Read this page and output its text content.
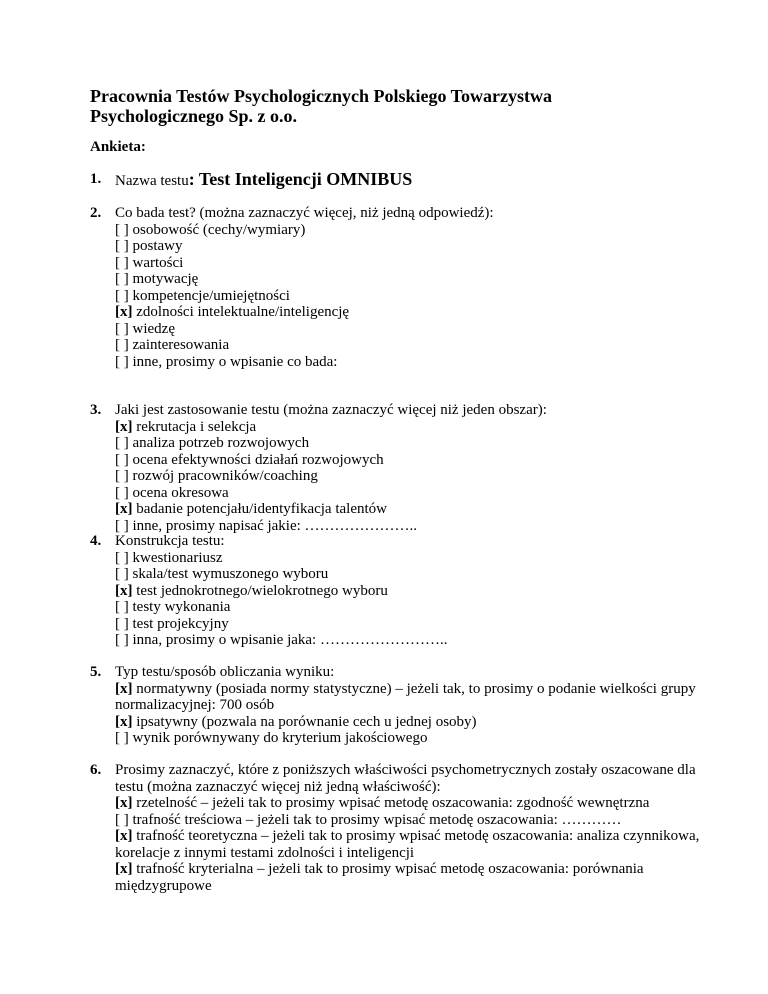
Pracownia Testów Psychologicznych Polskiego Towarzystwa
Psychologicznego Sp. z o.o.
Ankieta:
1. Nazwa testu: Test Inteligencji OMNIBUS
2. Co bada test? (można zaznaczyć więcej, niż jedną odpowiedź):
[ ] osobowość (cechy/wymiary)
[ ] postawy
[ ] wartości
[ ] motywację
[ ] kompetencje/umiejętności
[x] zdolności intelektualne/inteligencję
[ ] wiedzę
[ ] zainteresowania
[ ] inne, prosimy o wpisanie co bada:
3. Jaki jest zastosowanie testu (można zaznaczyć więcej niż jeden obszar):
[x] rekrutacja i selekcja
[ ] analiza potrzeb rozwojowych
[ ] ocena efektywności działań rozwojowych
[ ] rozwój pracowników/coaching
[ ] ocena okresowa
[x] badanie potencjału/identyfikacja talentów
[ ] inne, prosimy napisać jakie: …………………..
4. Konstrukcja testu:
[ ] kwestionariusz
[ ] skala/test wymuszonego wyboru
[x] test jednokrotnego/wielokrotnego wyboru
[ ] testy wykonania
[ ] test projekcyjny
[ ] inna, prosimy o wpisanie jaka: ……………………..
5. Typ testu/sposób obliczania wyniku:
[x] normatywny (posiada normy statystyczne) – jeżeli tak, to prosimy o podanie wielkości grupy normalizacyjnej: 700 osób
[x] ipsatywny (pozwala na porównanie cech u jednej osoby)
[ ] wynik porównywany do kryterium jakościowego
6. Prosimy zaznaczyć, które z poniższych właściwości psychometrycznych zostały oszacowane dla testu (można zaznaczyć więcej niż jedną właściwość):
[x] rzetelność – jeżeli tak to prosimy wpisać metodę oszacowania: zgodność wewnętrzna
[ ] trafność treściowa – jeżeli tak to prosimy wpisać metodę oszacowania: …………
[x] trafność teoretyczna – jeżeli tak to prosimy wpisać metodę oszacowania: analiza czynnikowa, korelacje z innymi testami zdolności i inteligencji
[x] trafność kryterialna – jeżeli tak to prosimy wpisać metodę oszacowania: porównania międzygrupowe
